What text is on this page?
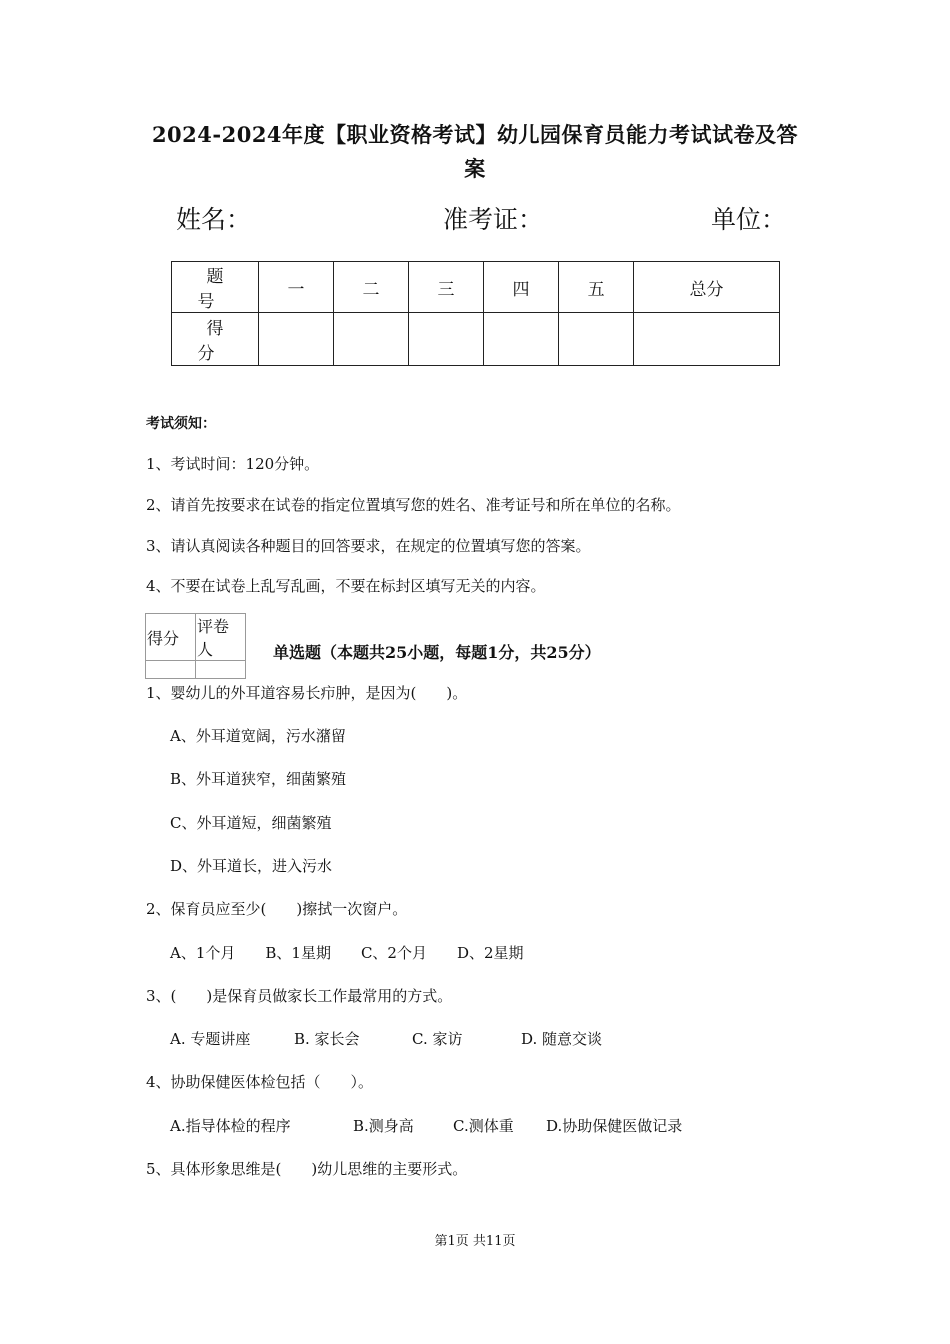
2024-2024年度【职业资格考试】幼儿园保育员能力考试试卷及答
案
姓名：	准考证：	单位：
题号	一	二	三	四	五	总分
得分						
考试须知：
1、考试时间：120分钟。
2、请首先按要求在试卷的指定位置填写您的姓名、准考证号和所在单位的名称。
3、请认真阅读各种题目的回答要求，在规定的位置填写您的答案。
4、不要在试卷上乱写乱画，不要在标封区填写无关的内容。
得分	评卷人
		单选题（本题共25小题，每题1分，共25分）
1、婴幼儿的外耳道容易长疖肿，是因为(　　)。
A、外耳道宽阔，污水潴留
B、外耳道狭窄，细菌繁殖
C、外耳道短，细菌繁殖
D、外耳道长，进入污水
2、保育员应至少(　　)擦拭一次窗户。
A、1个月　　B、1星期　　C、2个月　　D、2星期
3、(　　)是保育员做家长工作最常用的方式。
A. 专题讲座	B. 家长会	C. 家访	D. 随意交谈
4、协助保健医体检包括（　　）。
A.指导体检的程序	B.测身高	C.测体重 D.协助保健医做记录
5、具体形象思维是(　　)幼儿思维的主要形式。
第1页 共11页
